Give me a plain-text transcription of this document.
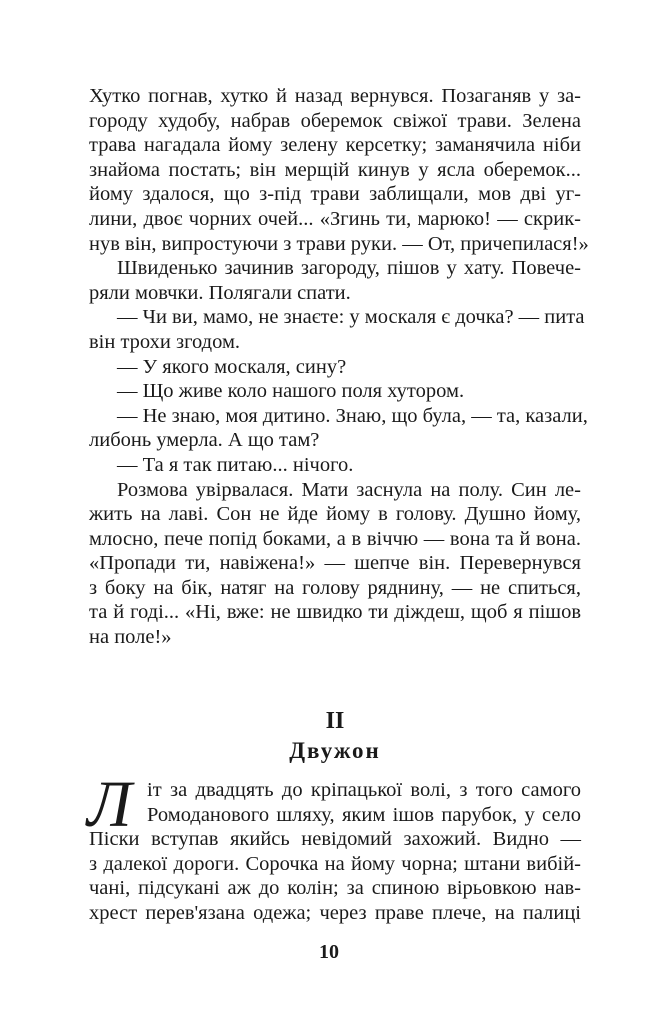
Хутко погнав, хутко й назад вернувся. Позаганяв у за-
городу худобу, набрав оберемок свіжої трави. Зелена
трава нагадала йому зелену керсетку; заманячила ніби
знайома постать; він мерщій кинув у ясла оберемок...
йому здалося, що з-під трави заблищали, мов дві уг-
лини, двоє чорних очей... «Згинь ти, марюко! — скрик-
нув він, випростуючи з трави руки. — От, причепилася!»
Швиденько зачинив загороду, пішов у хату. Повече-
ряли мовчки. Полягали спати.
— Чи ви, мамо, не знаєте: у москаля є дочка? — пита
він трохи згодом.
— У якого москаля, сину?
— Що живе коло нашого поля хутором.
— Не знаю, моя дитино. Знаю, що була, — та, казали,
либонь умерла. А що там?
— Та я так питаю... нічого.
Розмова увірвалася. Мати заснула на полу. Син ле-
жить на лаві. Сон не йде йому в голову. Душно йому,
млосно, пече попід боками, а в віччю — вона та й вона.
«Пропади ти, навіжена!» — шепче він. Перевернувся
з боку на бік, натяг на голову ряднину, — не спиться,
та й годі... «Ні, вже: не швидко ти діждеш, щоб я пішов
на поле!»
II
Двужон
Л іт за двадцять до кріпацької волі, з того самого
Ромоданового шляху, яким ішов парубок, у село
Піски вступав якийсь невідомий захожий. Видно —
з далекої дороги. Сорочка на йому чорна; штани вибій-
чані, підсукані аж до колін; за спиною вірьовкою нав-
хрест перев'язана одежа; через праве плече, на палиці
10
